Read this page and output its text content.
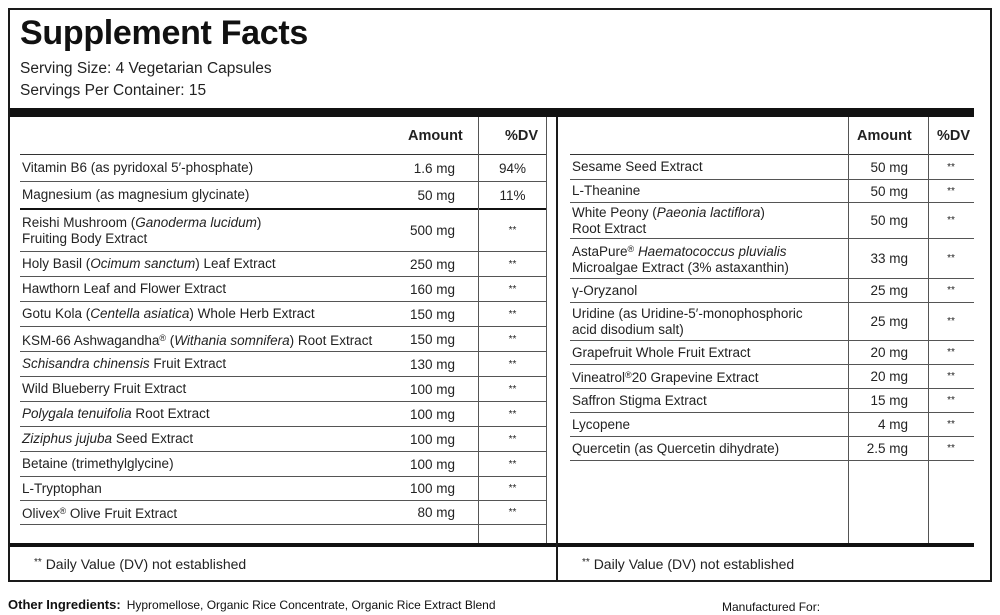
Supplement Facts
Serving Size: 4 Vegetarian Capsules
Servings Per Container: 15
Amount	%DV
Vitamin B6 (as pyridoxal 5′-phosphate)	1.6 mg	94%
Magnesium (as magnesium glycinate)	50 mg	11%
Reishi Mushroom (Ganoderma lucidum)
Fruiting Body Extract	500 mg	**
Holy Basil (Ocimum sanctum) Leaf Extract	250 mg	**
Hawthorn Leaf and Flower Extract	160 mg	**
Gotu Kola (Centella asiatica) Whole Herb Extract	150 mg	**
KSM-66 Ashwagandha® (Withania somnifera) Root Extract	150 mg	**
Schisandra chinensis Fruit Extract	130 mg	**
Wild Blueberry Fruit Extract	100 mg	**
Polygala tenuifolia Root Extract	100 mg	**
Ziziphus jujuba Seed Extract	100 mg	**
Betaine (trimethylglycine)	100 mg	**
L-Tryptophan	100 mg	**
Olivex® Olive Fruit Extract	80 mg	**
Amount %DV
Sesame Seed Extract	50 mg	**
L-Theanine	50 mg	**
White Peony (Paeonia lactiflora)
Root Extract	50 mg	**
AstaPure® Haematococcus pluvialis
Microalgae Extract (3% astaxanthin)
33 mg	**
γ-Oryzanol	25 mg	**
Uridine (as Uridine-5′-monophosphoric
acid disodium salt)	25 mg	**
Grapefruit Whole Fruit Extract	20 mg	**
Vineatrol®20 Grapevine Extract	20 mg	**
Saffron Stigma Extract	15 mg	**
Lycopene	4 mg	**
Quercetin (as Quercetin dihydrate)	2.5 mg	**
** Daily Value (DV) not established	** Daily Value (DV) not established
Other Ingredients: Hypromellose, Organic Rice Concentrate, Organic Rice Extract Blend	Manufactured For:
